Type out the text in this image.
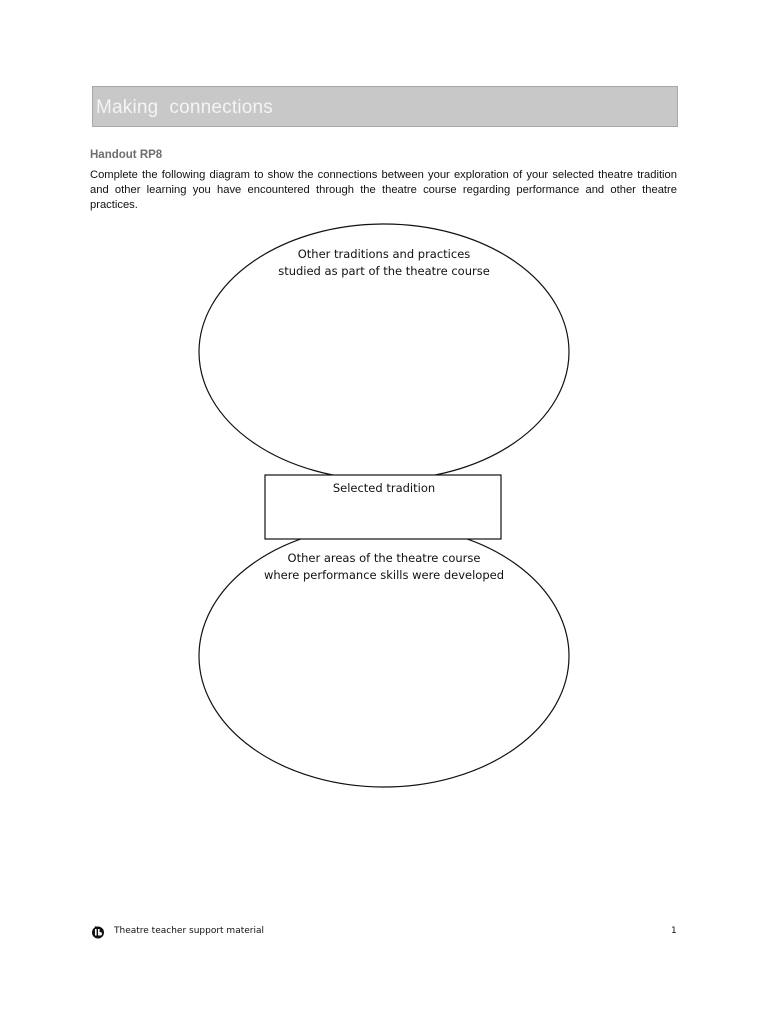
Making  connections
Handout RP8

Complete the following diagram to show the connections between your exploration of your selected theatre tradition and other learning you have encountered through the theatre course regarding performance and other theatre practices.

Other traditions and practices
studied as part of the theatre course
Selected tradition
Other areas of the theatre course
where performance skills were developed
Theatre teacher support material	1
